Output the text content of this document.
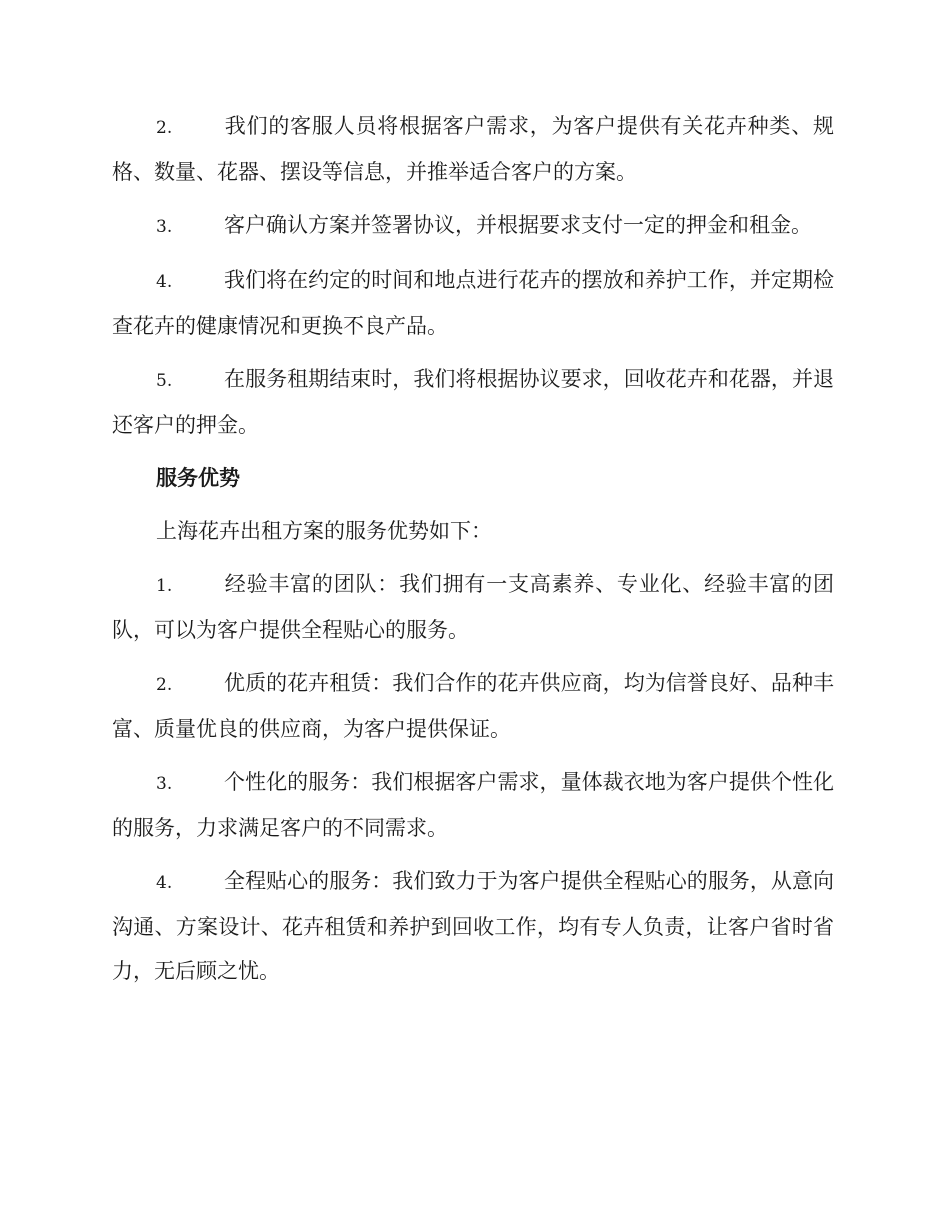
2. 我们的客服人员将根据客户需求，为客户提供有关花卉种类、规格、数量、花器、摆设等信息，并推举适合客户的方案。
3. 客户确认方案并签署协议，并根据要求支付一定的押金和租金。
4. 我们将在约定的时间和地点进行花卉的摆放和养护工作，并定期检查花卉的健康情况和更换不良产品。
5. 在服务租期结束时，我们将根据协议要求，回收花卉和花器，并退还客户的押金。
服务优势
上海花卉出租方案的服务优势如下：
1. 经验丰富的团队：我们拥有一支高素养、专业化、经验丰富的团队，可以为客户提供全程贴心的服务。
2. 优质的花卉租赁：我们合作的花卉供应商，均为信誉良好、品种丰富、质量优良的供应商，为客户提供保证。
3. 个性化的服务：我们根据客户需求，量体裁衣地为客户提供个性化的服务，力求满足客户的不同需求。
4. 全程贴心的服务：我们致力于为客户提供全程贴心的服务，从意向沟通、方案设计、花卉租赁和养护到回收工作，均有专人负责，让客户省时省力，无后顾之忧。
